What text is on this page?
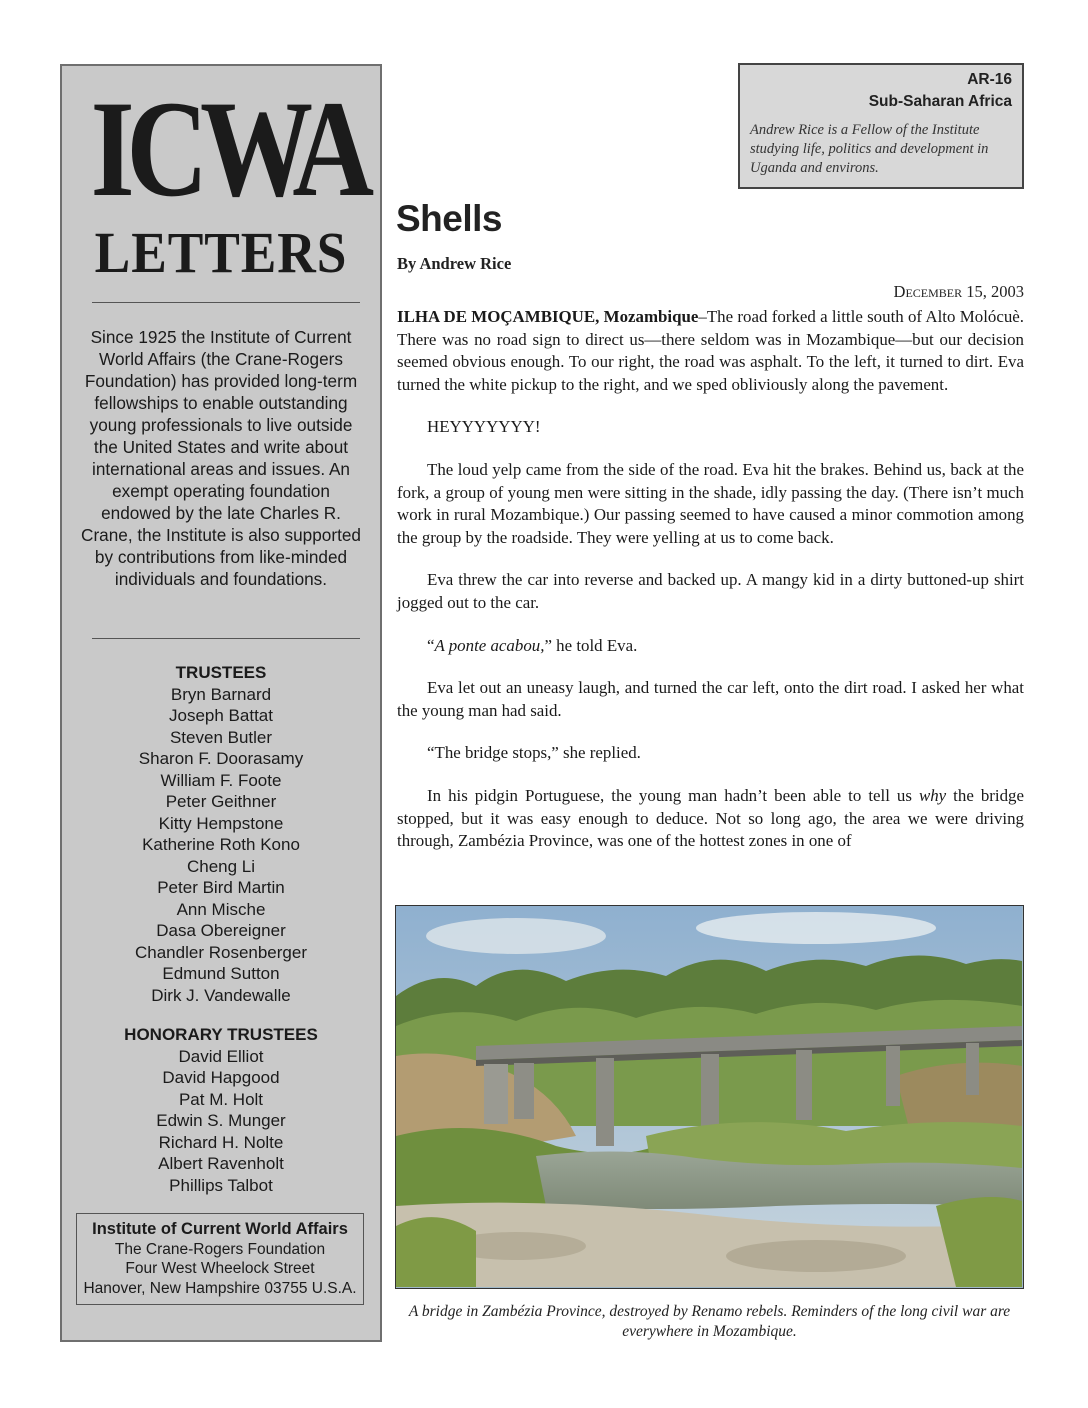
ICWA
LETTERS
Since 1925 the Institute of Current World Affairs (the Crane-Rogers Foundation) has provided long-term fellowships to enable outstanding young professionals to live outside the United States and write about international areas and issues. An exempt operating foundation endowed by the late Charles R. Crane, the Institute is also supported by contributions from like-minded individuals and foundations.
TRUSTEES
Bryn Barnard
Joseph Battat
Steven Butler
Sharon F. Doorasamy
William F. Foote
Peter Geithner
Kitty Hempstone
Katherine Roth Kono
Cheng Li
Peter Bird Martin
Ann Mische
Dasa Obereigner
Chandler Rosenberger
Edmund Sutton
Dirk J. Vandewalle
HONORARY TRUSTEES
David Elliot
David Hapgood
Pat M. Holt
Edwin S. Munger
Richard H. Nolte
Albert Ravenholt
Phillips Talbot
Institute of Current World Affairs
The Crane-Rogers Foundation
Four West Wheelock Street
Hanover, New Hampshire 03755 U.S.A.
AR-16
Sub-Saharan Africa
Andrew Rice is a Fellow of the Institute studying life, politics and development in Uganda and environs.
Shells
By Andrew Rice
December 15, 2003

ILHA DE MOÇAMBIQUE, Mozambique–The road forked a little south of Alto Molócuè. There was no road sign to direct us—there seldom was in Mozambique—but our decision seemed obvious enough. To our right, the road was asphalt. To the left, it turned to dirt. Eva turned the white pickup to the right, and we sped obliviously along the pavement.

HEYYYYYYY!

The loud yelp came from the side of the road. Eva hit the brakes. Behind us, back at the fork, a group of young men were sitting in the shade, idly passing the day. (There isn’t much work in rural Mozambique.) Our passing seemed to have caused a minor commotion among the group by the roadside. They were yelling at us to come back.

Eva threw the car into reverse and backed up. A mangy kid in a dirty buttoned-up shirt jogged out to the car.

“A ponte acabou,” he told Eva.

Eva let out an uneasy laugh, and turned the car left, onto the dirt road. I asked her what the young man had said.

“The bridge stops,” she replied.

In his pidgin Portuguese, the young man hadn’t been able to tell us why the bridge stopped, but it was easy enough to deduce. Not so long ago, the area we were driving through, Zambézia Province, was one of the hottest zones in one of

A bridge in Zambézia Province, destroyed by Renamo rebels. Reminders of the long civil war are everywhere in Mozambique.
